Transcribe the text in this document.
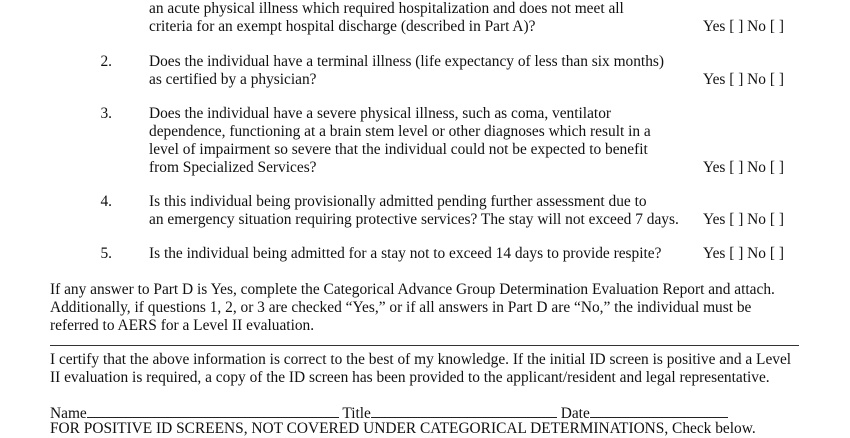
an acute physical illness which required hospitalization and does not meet all
criteria for an exempt hospital discharge (described in Part A)?	Yes [ ] No [ ]
2. Does the individual have a terminal illness (life expectancy of less than six months)
as certified by a physician?	Yes [ ] No [ ]
3. Does the individual have a severe physical illness, such as coma, ventilator
dependence, functioning at a brain stem level or other diagnoses which result in a
level of impairment so severe that the individual could not be expected to benefit
from Specialized Services?	Yes [ ] No [ ]
4. Is this individual being provisionally admitted pending further assessment due to
an emergency situation requiring protective services? The stay will not exceed 7 days. Yes [ ] No [ ]
5. Is the individual being admitted for a stay not to exceed 14 days to provide respite?	Yes [ ] No [ ]
If any answer to Part D is Yes, complete the Categorical Advance Group Determination Evaluation Report and attach.
Additionally, if questions 1, 2, or 3 are checked “Yes,” or if all answers in Part D are “No,” the individual must be
referred to AERS for a Level II evaluation.
I certify that the above information is correct to the best of my knowledge. If the initial ID screen is positive and a Level
II evaluation is required, a copy of the ID screen has been provided to the applicant/resident and legal representative.
Name	Title	Date
FOR POSITIVE ID SCREENS, NOT COVERED UNDER CATEGORICAL DETERMINATIONS, Check below.
